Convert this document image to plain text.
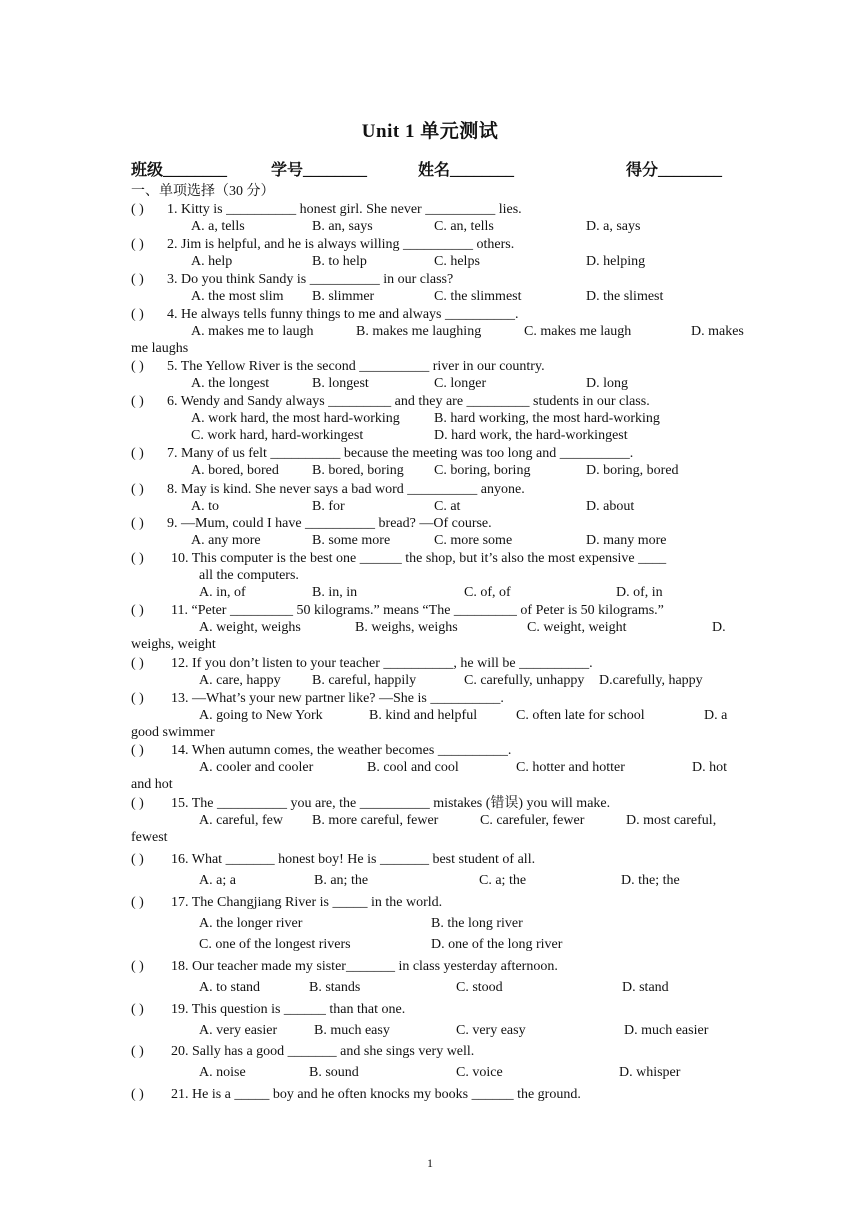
Unit 1 单元测试
班级________	学号________	姓名________	得分________
一、单项选择（30 分）
( ) 1. Kitty is __________ honest girl. She never __________ lies.
A. a, tells	B. an, says	C. an, tells	D. a, says
( ) 2. Jim is helpful, and he is always willing __________ others.
A. help	B. to help	C. helps	D. helping
( ) 3. Do you think Sandy is __________ in our class?
A. the most slim B. slimmer	C. the slimmest	D. the slimest
( ) 4. He always tells funny things to me and always __________.
A. makes me to laugh	B. makes me laughing	C. makes me laugh	D. makes
me laughs
( ) 5. The Yellow River is the second __________ river in our country.
A. the longest	B. longest	C. longer	D. long
( ) 6. Wendy and Sandy always _________ and they are _________ students in our class.
A. work hard, the most hard-working B. hard working, the most hard-working
C. work hard, hard-workingest	D. hard work, the hard-workingest
( ) 7. Many of us felt __________ because the meeting was too long and __________.
A. bored, bored B. bored, boring C. boring, boring	D. boring, bored
( ) 8. May is kind. She never says a bad word __________ anyone.
A. to	B. for	C. at	D. about
( ) 9. —Mum, could I have __________ bread? —Of course.
A. any more	B. some more	C. more some	D. many more
( ) 10. This computer is the best one ______ the shop, but it’s also the most expensive ____
all the computers.
A. in, of	B. in, in	C. of, of	D. of, in
( ) 11. “Peter _________ 50 kilograms.” means “The _________ of Peter is 50 kilograms.”
A. weight, weighs	B. weighs, weighs	C. weight, weight	D.
weighs, weight
( ) 12. If you don’t listen to your teacher __________, he will be __________.
A. care, happy B. careful, happily	C. carefully, unhappy D.carefully, happy
( ) 13. —What’s your new partner like? —She is __________.
A. going to New York	B. kind and helpful	C. often late for school	D. a
good swimmer
( ) 14. When autumn comes, the weather becomes __________.
A. cooler and cooler	B. cool and cool	C. hotter and hotter	D. hot
and hot
( ) 15. The __________ you are, the __________ mistakes (错误) you will make.
A. careful, few B. more careful, fewer	C. carefuler, fewer	D. most careful,
fewest
( ) 16. What _______ honest boy! He is _______ best student of all.
A. a; a	B. an; the	C. a; the	D. the; the
( ) 17. The Changjiang River is _____ in the world.
A. the longer river	B. the long river
C. one of the longest rivers	D. one of the long river
( ) 18. Our teacher made my sister_______ in class yesterday afternoon.
A. to stand	B. stands	C. stood	D. stand
( ) 19. This question is ______ than that one.
A. very easier	B. much easy	C. very easy	D. much easier
( ) 20. Sally has a good _______ and she sings very well.
A. noise	B. sound	C. voice	D. whisper
( ) 21. He is a _____ boy and he often knocks my books ______ the ground.
1
